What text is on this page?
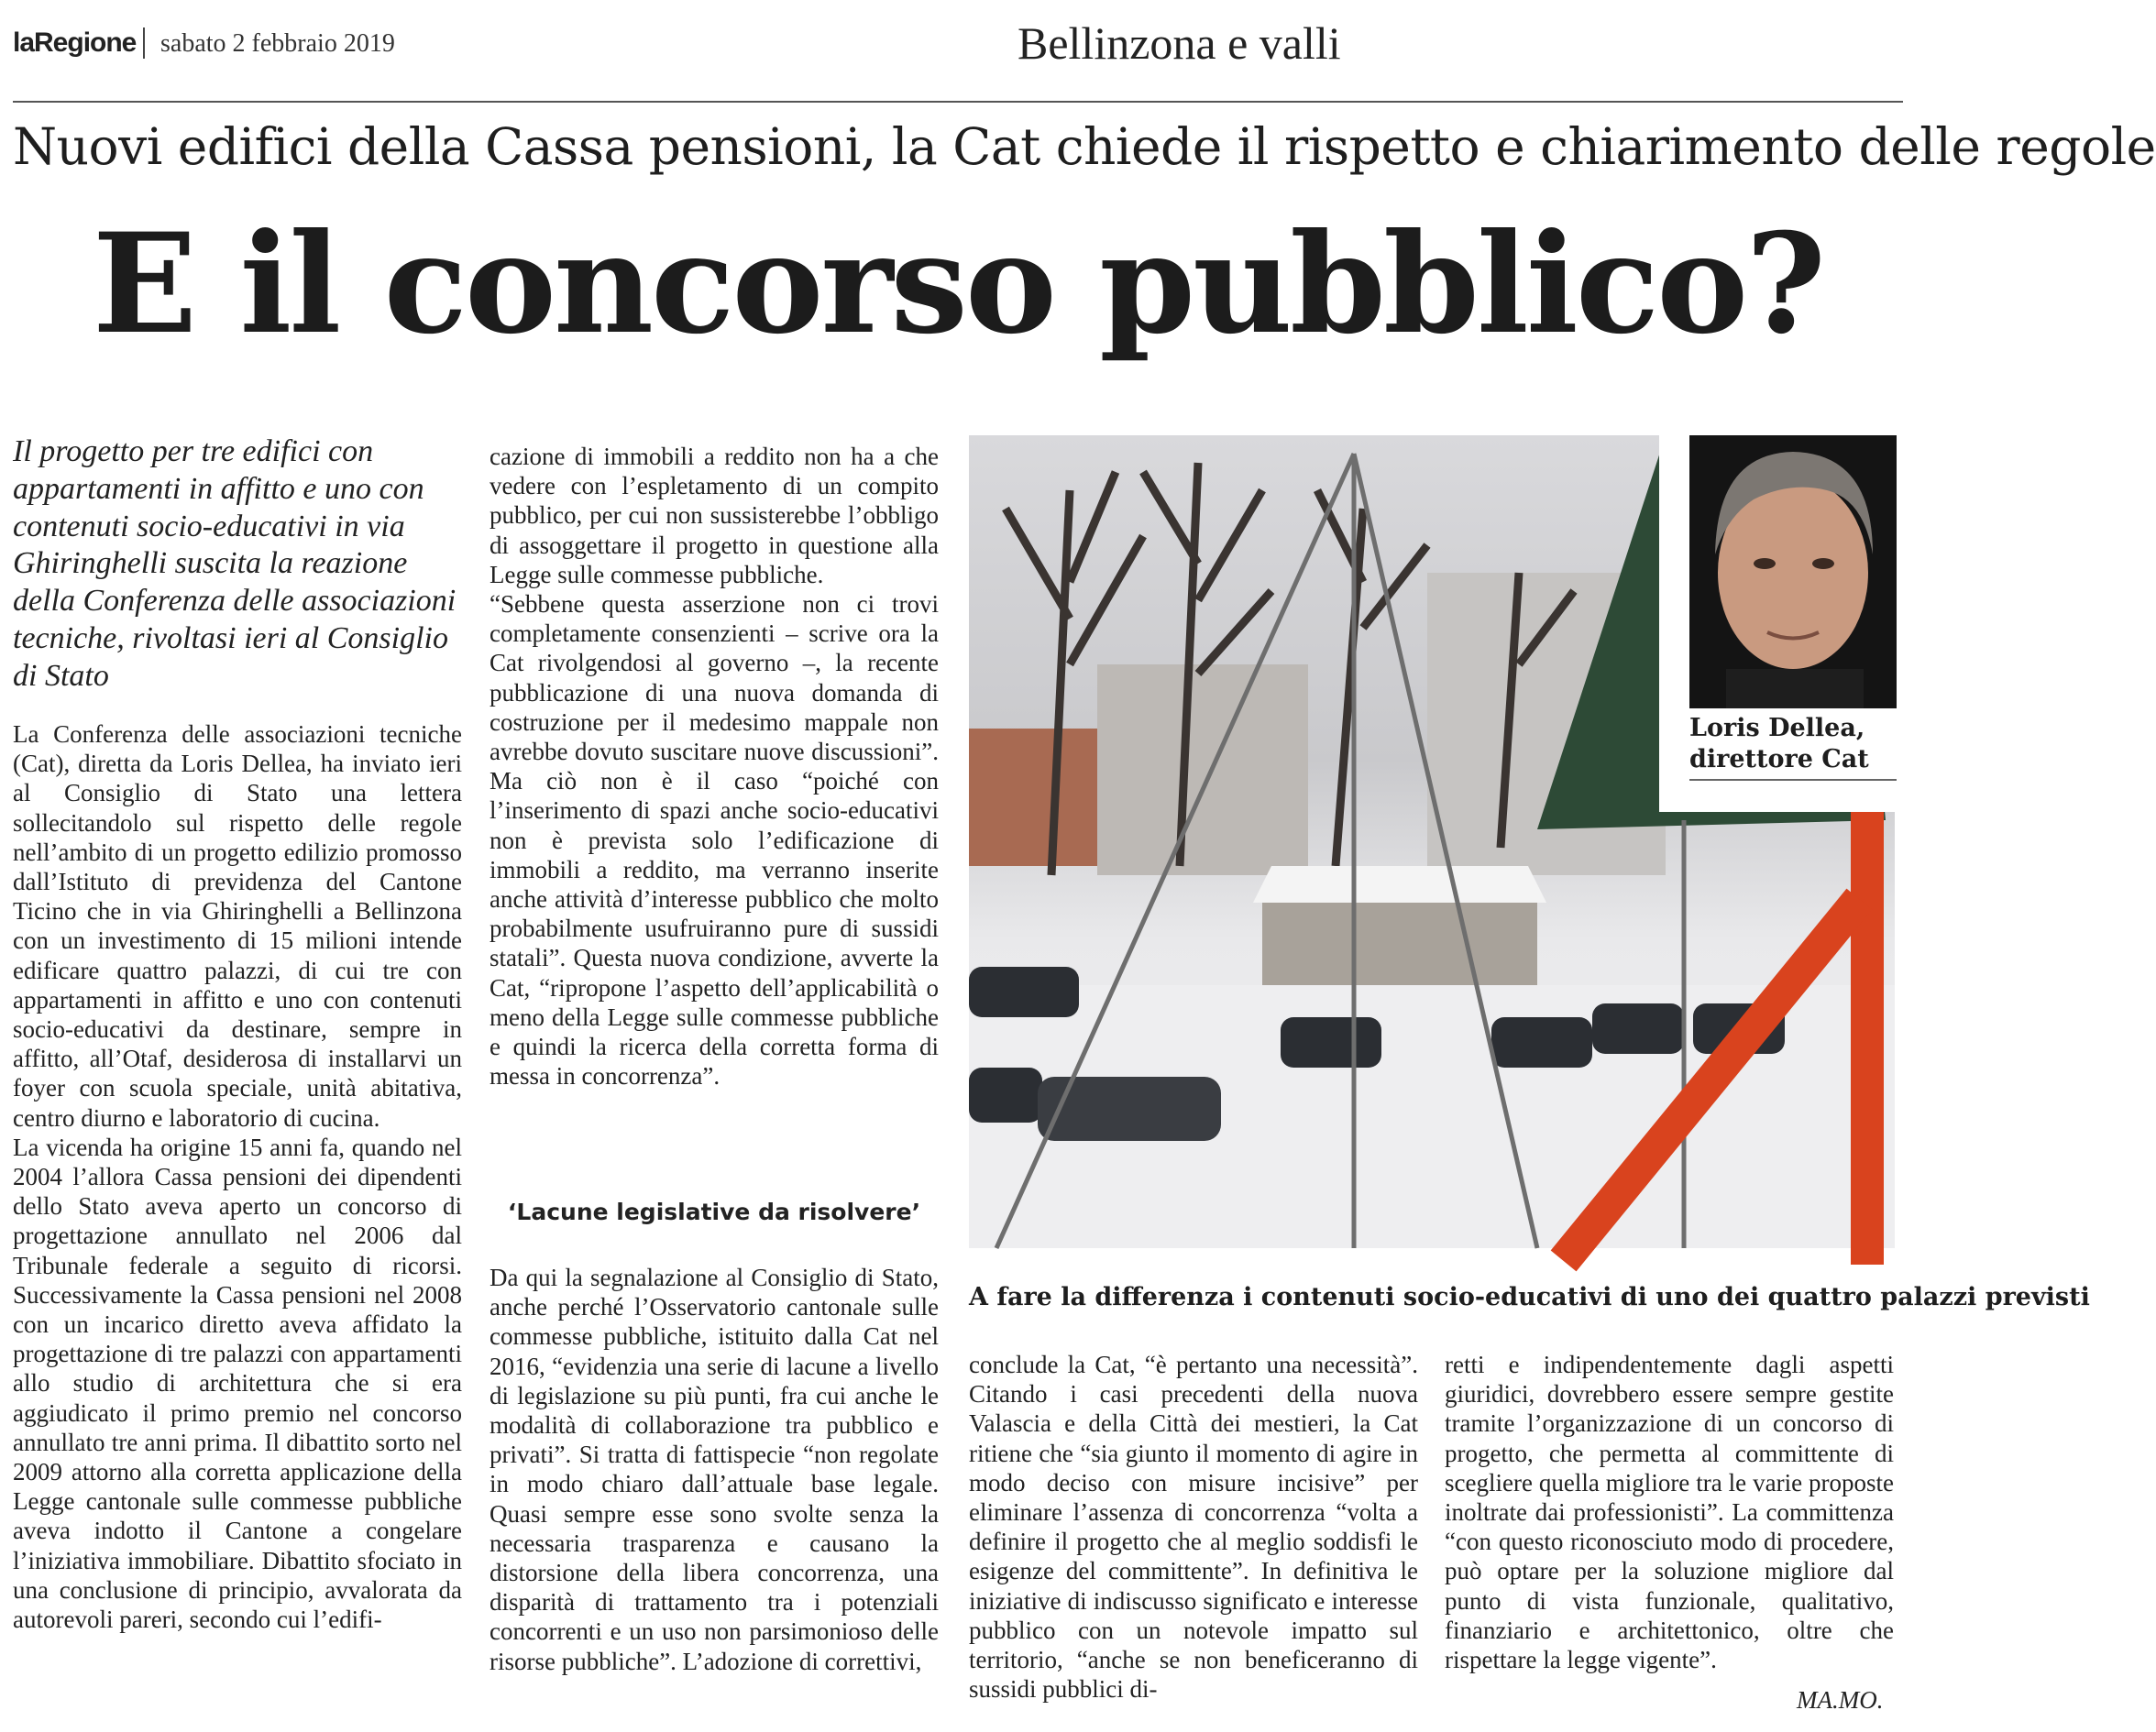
laRegione sabato 2 febbraio 2019	Bellinzona e valli
Nuovi edifici della Cassa pensioni, la Cat chiede il rispetto e chiarimento delle regole
E il concorso pubblico?
Il progetto per tre edifici con appartamenti in affitto e uno con contenuti socio-educativi in via Ghiringhelli suscita la reazione della Conferenza delle associazioni tecniche, rivoltasi ieri al Consiglio di Stato

La Conferenza delle associazioni tecniche (Cat), diretta da Loris Dellea, ha inviato ieri al Consiglio di Stato una lettera sollecitandolo sul rispetto delle regole nell’ambito di un progetto edilizio promosso dall’Istituto di previdenza del Cantone Ticino che in via Ghiringhelli a Bellinzona con un investimento di 15 milioni intende edificare quattro palazzi, di cui tre con appartamenti in affitto e uno con contenuti socio-educativi da destinare, sempre in affitto, all’Otaf, desiderosa di installarvi un foyer con scuola speciale, unità abitativa, centro diurno e laboratorio di cucina.

La vicenda ha origine 15 anni fa, quando nel 2004 l’allora Cassa pensioni dei dipendenti dello Stato aveva aperto un concorso di progettazione annullato nel 2006 dal Tribunale federale a seguito di ricorsi. Successivamente la Cassa pensioni nel 2008 con un incarico diretto aveva affidato la progettazione di tre palazzi con appartamenti allo studio di architettura che si era aggiudicato il primo premio nel concorso annullato tre anni prima. Il dibattito sorto nel 2009 attorno alla corretta applicazione della Legge cantonale sulle commesse pubbliche aveva indotto il Cantone a congelare l’iniziativa immobiliare. Dibattito sfociato in una conclusione di principio, avvalorata da autorevoli pareri, secondo cui l’edifi-

cazione di immobili a reddito non ha a che vedere con l’espletamento di un compito pubblico, per cui non sussisterebbe l’obbligo di assoggettare il progetto in questione alla Legge sulle commesse pubbliche.

“Sebbene questa asserzione non ci trovi completamente consenzienti – scrive ora la Cat rivolgendosi al governo –, la recente pubblicazione di una nuova domanda di costruzione per il medesimo mappale non avrebbe dovuto suscitare nuove discussioni”. Ma ciò non è il caso “poiché con l’inserimento di spazi anche socio-educativi non è prevista solo l’edificazione di immobili a reddito, ma verranno inserite anche attività d’interesse pubblico che molto probabilmente usufruiranno pure di sussidi statali”. Questa nuova condizione, avverte la Cat, “ripropone l’aspetto dell’applicabilità o meno della Legge sulle commesse pubbliche e quindi la ricerca della corretta forma di messa in concorrenza”.

‘Lacune legislative da risolvere’

Da qui la segnalazione al Consiglio di Stato, anche perché l’Osservatorio cantonale sulle commesse pubbliche, istituito dalla Cat nel 2016, “evidenzia una serie di lacune a livello di legislazione su più punti, fra cui anche le modalità di collaborazione tra pubblico e privati”. Si tratta di fattispecie “non regolate in modo chiaro dall’attuale base legale. Quasi sempre esse sono svolte senza la necessaria trasparenza e causano la distorsione della libera concorrenza, una disparità di trattamento tra i potenziali concorrenti e un uso non parsimonioso delle risorse pubbliche”. L’adozione di correttivi,

A fare la differenza i contenuti socio-educativi di uno dei quattro palazzi previsti
Loris Dellea,
direttore Cat

conclude la Cat, “è pertanto una necessità”. Citando i casi precedenti della nuova Valascia e della Città dei mestieri, la Cat ritiene che “sia giunto il momento di agire in modo deciso con misure incisive” per eliminare l’assenza di concorrenza “volta a definire il progetto che al meglio soddisfi le esigenze del committente”. In definitiva le iniziative di indiscusso significato e interesse pubblico con un notevole impatto sul territorio, “anche se non beneficeranno di sussidi pubblici di-

retti e indipendentemente dagli aspetti giuridici, dovrebbero essere sempre gestite tramite l’organizzazione di un concorso di progetto, che permetta al committente di scegliere quella migliore tra le varie proposte inoltrate dai professionisti”. La committenza “con questo riconosciuto modo di procedere, può optare per la soluzione migliore dal punto di vista funzionale, qualitativo, finanziario e architettonico, oltre che rispettare la legge vigente”.

MA.MO.
